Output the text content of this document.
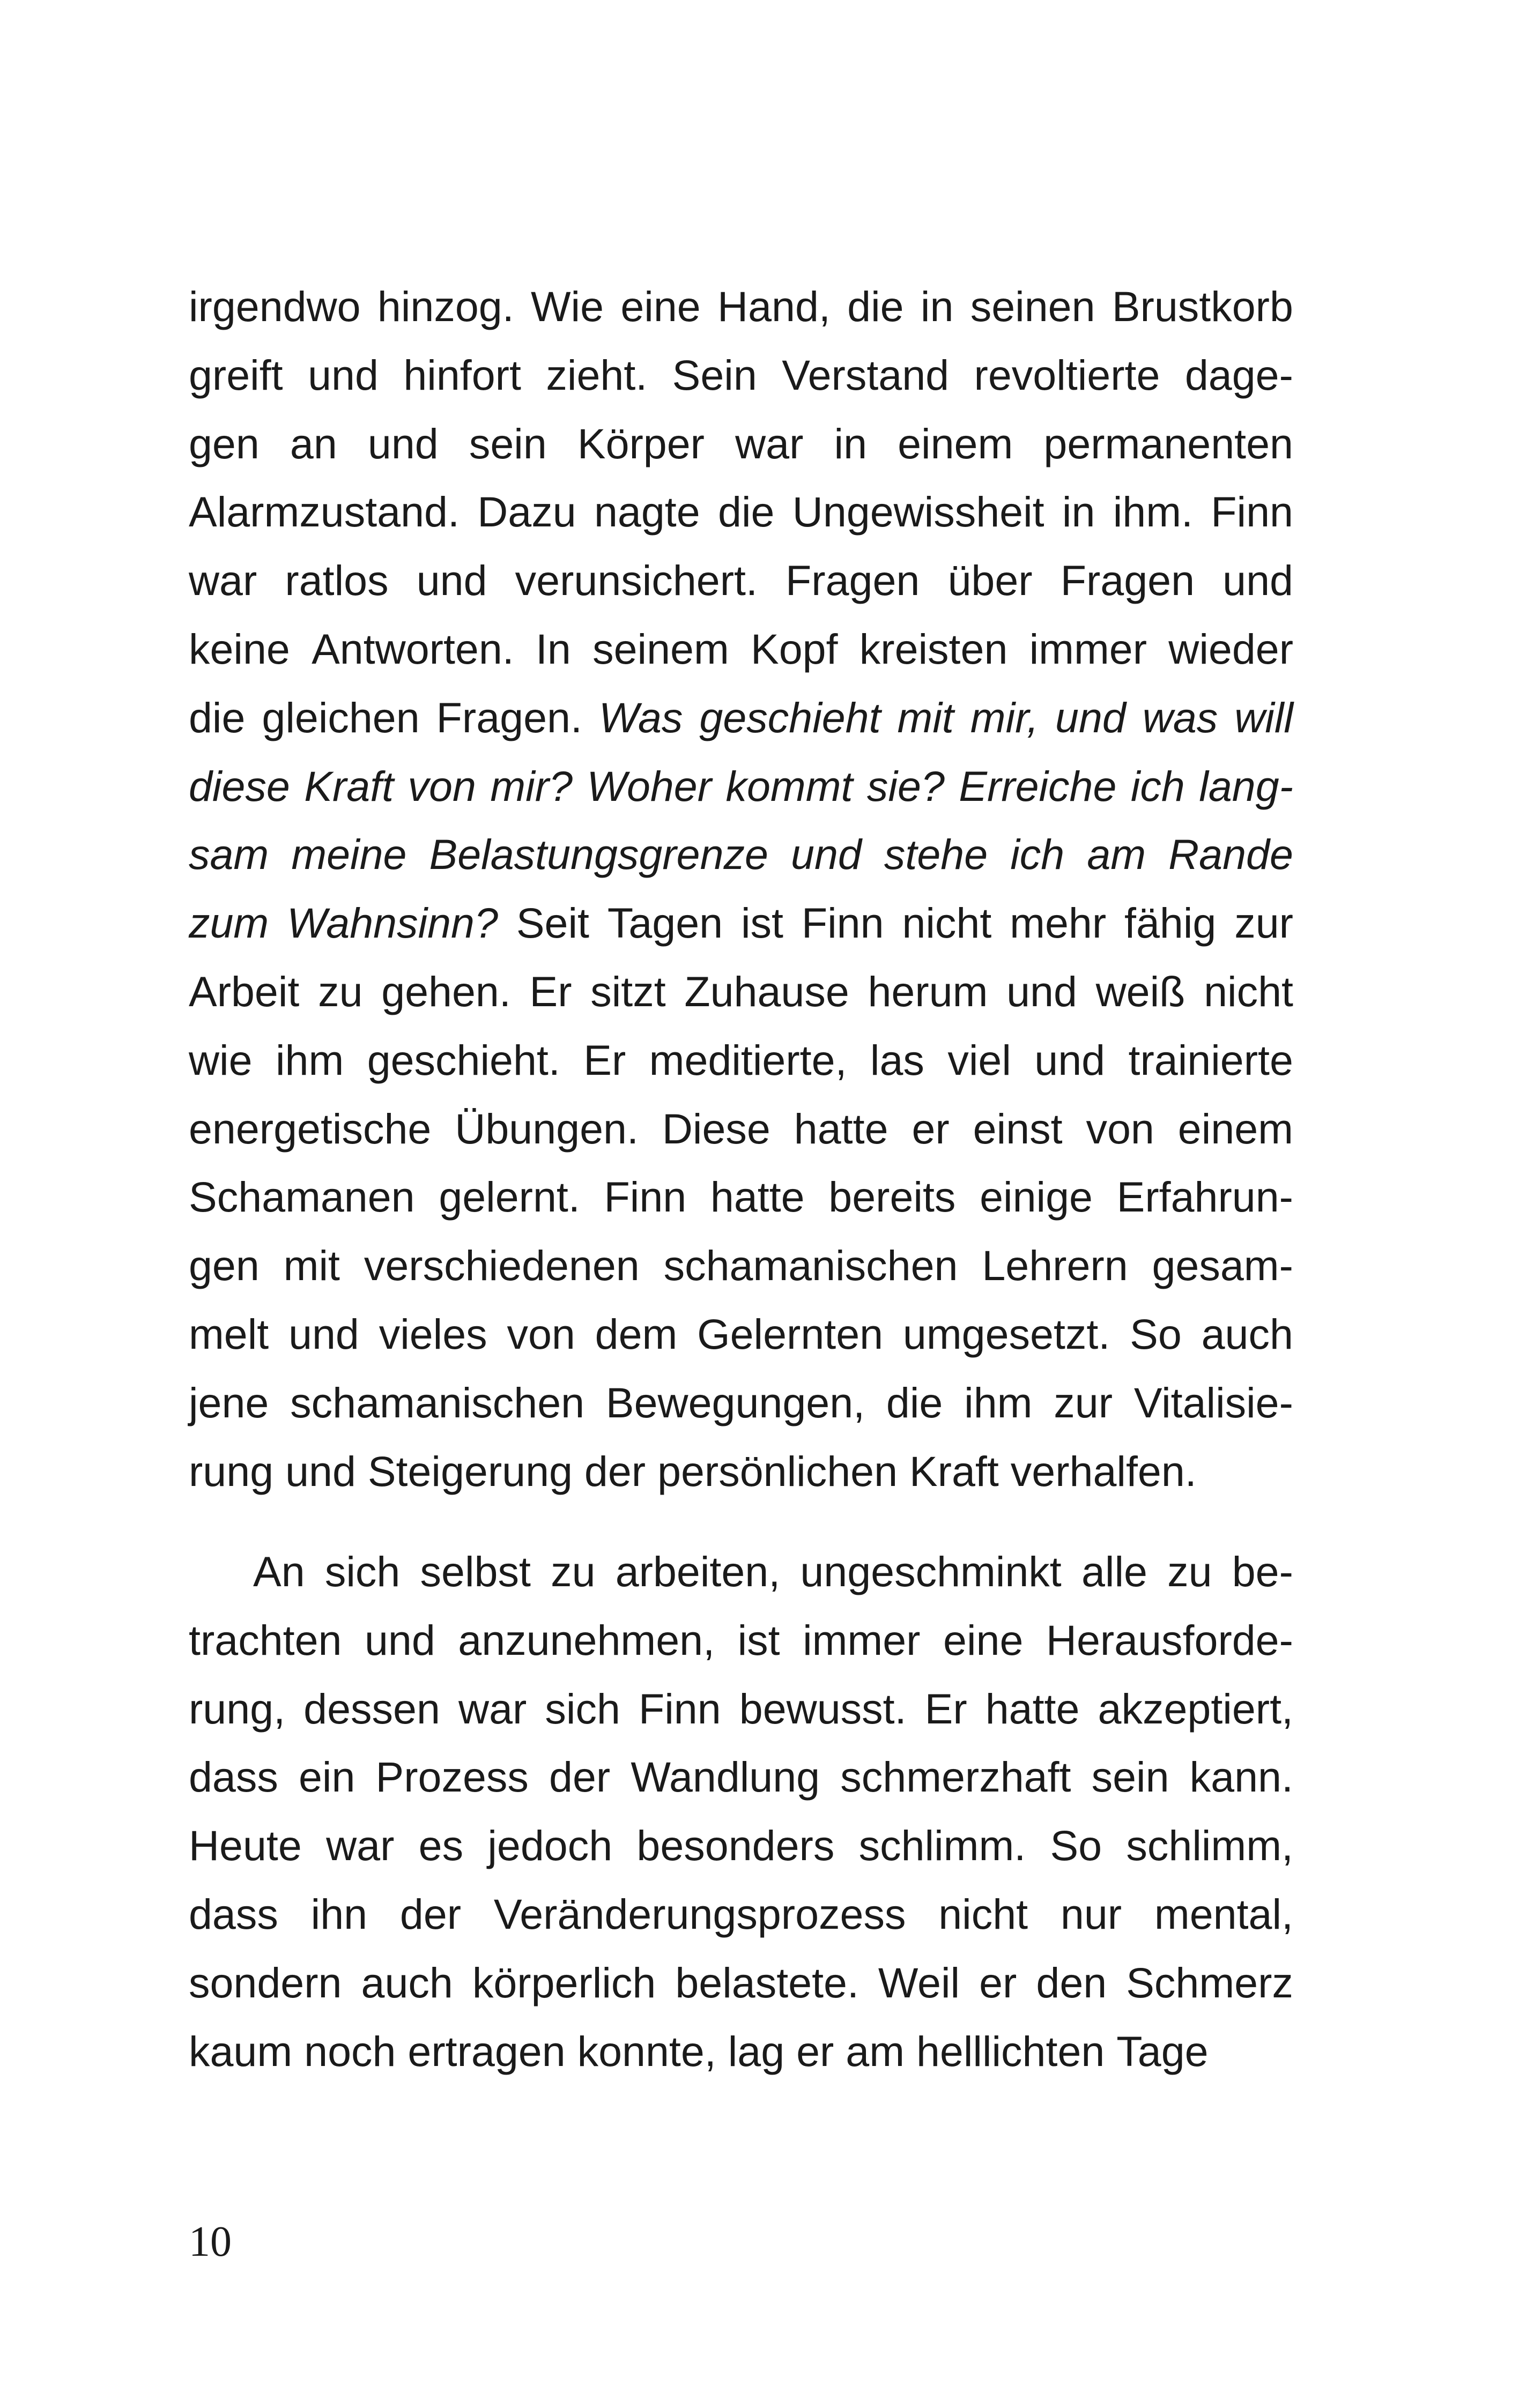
irgendwo hinzog. Wie eine Hand, die in seinen Brustkorb
greift und hinfort zieht. Sein Verstand revoltierte dage-
gen an und sein Körper war in einem permanenten
Alarmzustand. Dazu nagte die Ungewissheit in ihm. Finn
war ratlos und verunsichert. Fragen über Fragen und
keine Antworten. In seinem Kopf kreisten immer wieder
die gleichen Fragen. Was geschieht mit mir, und was will
diese Kraft von mir? Woher kommt sie? Erreiche ich lang-
sam meine Belastungsgrenze und stehe ich am Rande
zum Wahnsinn? Seit Tagen ist Finn nicht mehr fähig zur
Arbeit zu gehen. Er sitzt Zuhause herum und weiß nicht
wie ihm geschieht. Er meditierte, las viel und trainierte
energetische Übungen. Diese hatte er einst von einem
Schamanen gelernt. Finn hatte bereits einige Erfahrun-
gen mit verschiedenen schamanischen Lehrern gesam-
melt und vieles von dem Gelernten umgesetzt. So auch
jene schamanischen Bewegungen, die ihm zur Vitalisie-
rung und Steigerung der persönlichen Kraft verhalfen.
An sich selbst zu arbeiten, ungeschminkt alle zu be-
trachten und anzunehmen, ist immer eine Herausforde-
rung, dessen war sich Finn bewusst. Er hatte akzeptiert,
dass ein Prozess der Wandlung schmerzhaft sein kann.
Heute war es jedoch besonders schlimm. So schlimm,
dass ihn der Veränderungsprozess nicht nur mental,
sondern auch körperlich belastete. Weil er den Schmerz
kaum noch ertragen konnte, lag er am helllichten Tage
10
